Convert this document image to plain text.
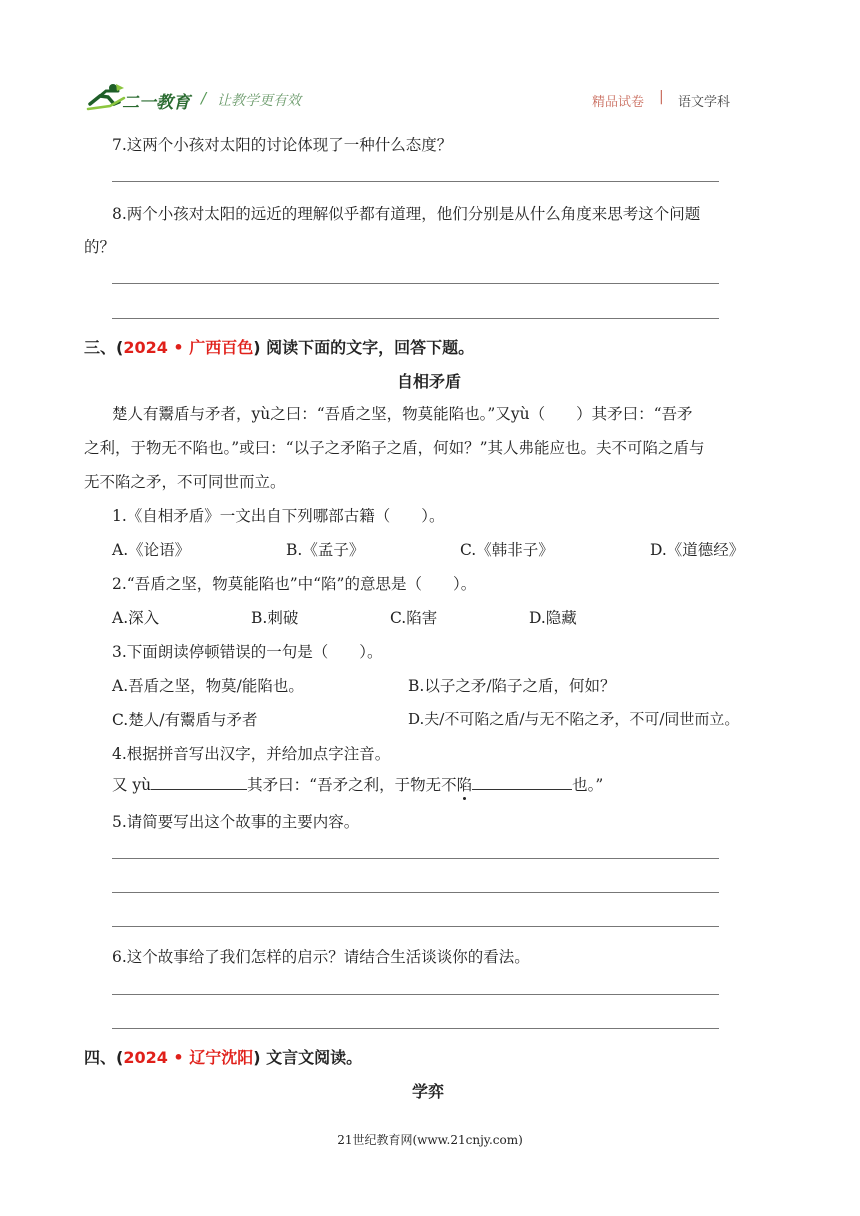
二一教育 / 让教学更有效	精品试卷 | 语文学科
7.这两个小孩对太阳的讨论体现了一种什么态度？
8.两个小孩对太阳的远近的理解似乎都有道理，他们分别是从什么角度来思考这个问题
的？
三、(2024 • 广西百色) 阅读下面的文字，回答下题。
自相矛盾
楚人有鬻盾与矛者，yù之曰：“吾盾之坚，物莫能陷也。”又yù（　　）其矛曰：“吾矛
之利，于物无不陷也。”或曰：“以子之矛陷子之盾，何如？”其人弗能应也。夫不可陷之盾与
无不陷之矛，不可同世而立。
1.《自相矛盾》一文出自下列哪部古籍（　　）。
A.《论语》	B.《孟子》	C.《韩非子》	D.《道德经》
2.“吾盾之坚，物莫能陷也”中“陷”的意思是（　　）。
A.深入	B.刺破	C.陷害	D.隐藏
3.下面朗读停顿错误的一句是（　　）。
A.吾盾之坚，物莫/能陷也。	B.以子之矛/陷子之盾，何如？
C.楚人/有鬻盾与矛者	D.夫/不可陷之盾/与无不陷之矛，不可/同世而立。
4.根据拼音写出汉字，并给加点字注音。
又 yù	其矛曰：“吾矛之利，于物无不陷	也。”
5.请简要写出这个故事的主要内容。
6.这个故事给了我们怎样的启示？请结合生活谈谈你的看法。
四、(2024 • 辽宁沈阳) 文言文阅读。
学弈
21世纪教育网(www.21cnjy.com)
